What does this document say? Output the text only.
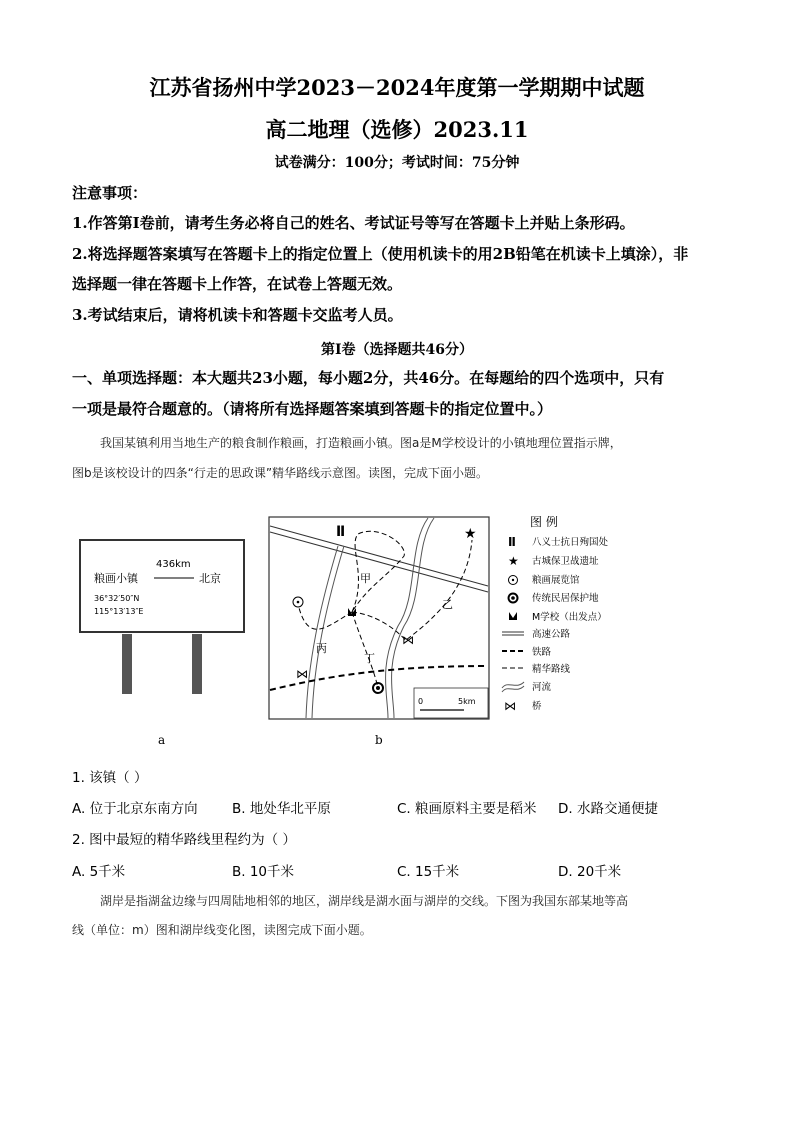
江苏省扬州中学2023－2024年度第一学期期中试题
高二地理（选修）2023.11
试卷满分：100分；考试时间：75分钟
注意事项：
1.作答第Ⅰ卷前，请考生务必将自己的姓名、考试证号等写在答题卡上并贴上条形码。
2.将选择题答案填写在答题卡上的指定位置上（使用机读卡的用2B铅笔在机读卡上填涂），非
选择题一律在答题卡上作答，在试卷上答题无效。
3.考试结束后，请将机读卡和答题卡交监考人员。
第Ⅰ卷（选择题共46分）
一、单项选择题：本大题共23小题，每小题2分，共46分。在每题给的四个选项中，只有
一项是最符合题意的。（请将所有选择题答案填到答题卡的指定位置中。）
我国某镇利用当地生产的粮食制作粮画，打造粮画小镇。图a是M学校设计的小镇地理位置指示牌，
图b是该校设计的四条“行走的思政课”精华路线示意图。读图，完成下面小题。
436km
粮画小镇	北京
36°32′50″N
115°13′13″E
a
Ⅱ	★
⋈
⋈
甲
乙
丙
丁
0	5km
b
图 例
Ⅱ
★
⋈
八义士抗日殉国处
古城保卫战遗址
粮画展览馆
传统民居保护地
M学校（出发点）
高速公路
铁路
精华路线
河流
桥
1. 该镇（ ）
A. 位于北京东南方向	B. 地处华北平原	C. 粮画原料主要是稻米 D. 水路交通便捷
2. 图中最短的精华路线里程约为（ ）
A. 5千米	B. 10千米	C. 15千米	D. 20千米
湖岸是指湖盆边缘与四周陆地相邻的地区，湖岸线是湖水面与湖岸的交线。下图为我国东部某地等高
线（单位：m）图和湖岸线变化图，读图完成下面小题。
